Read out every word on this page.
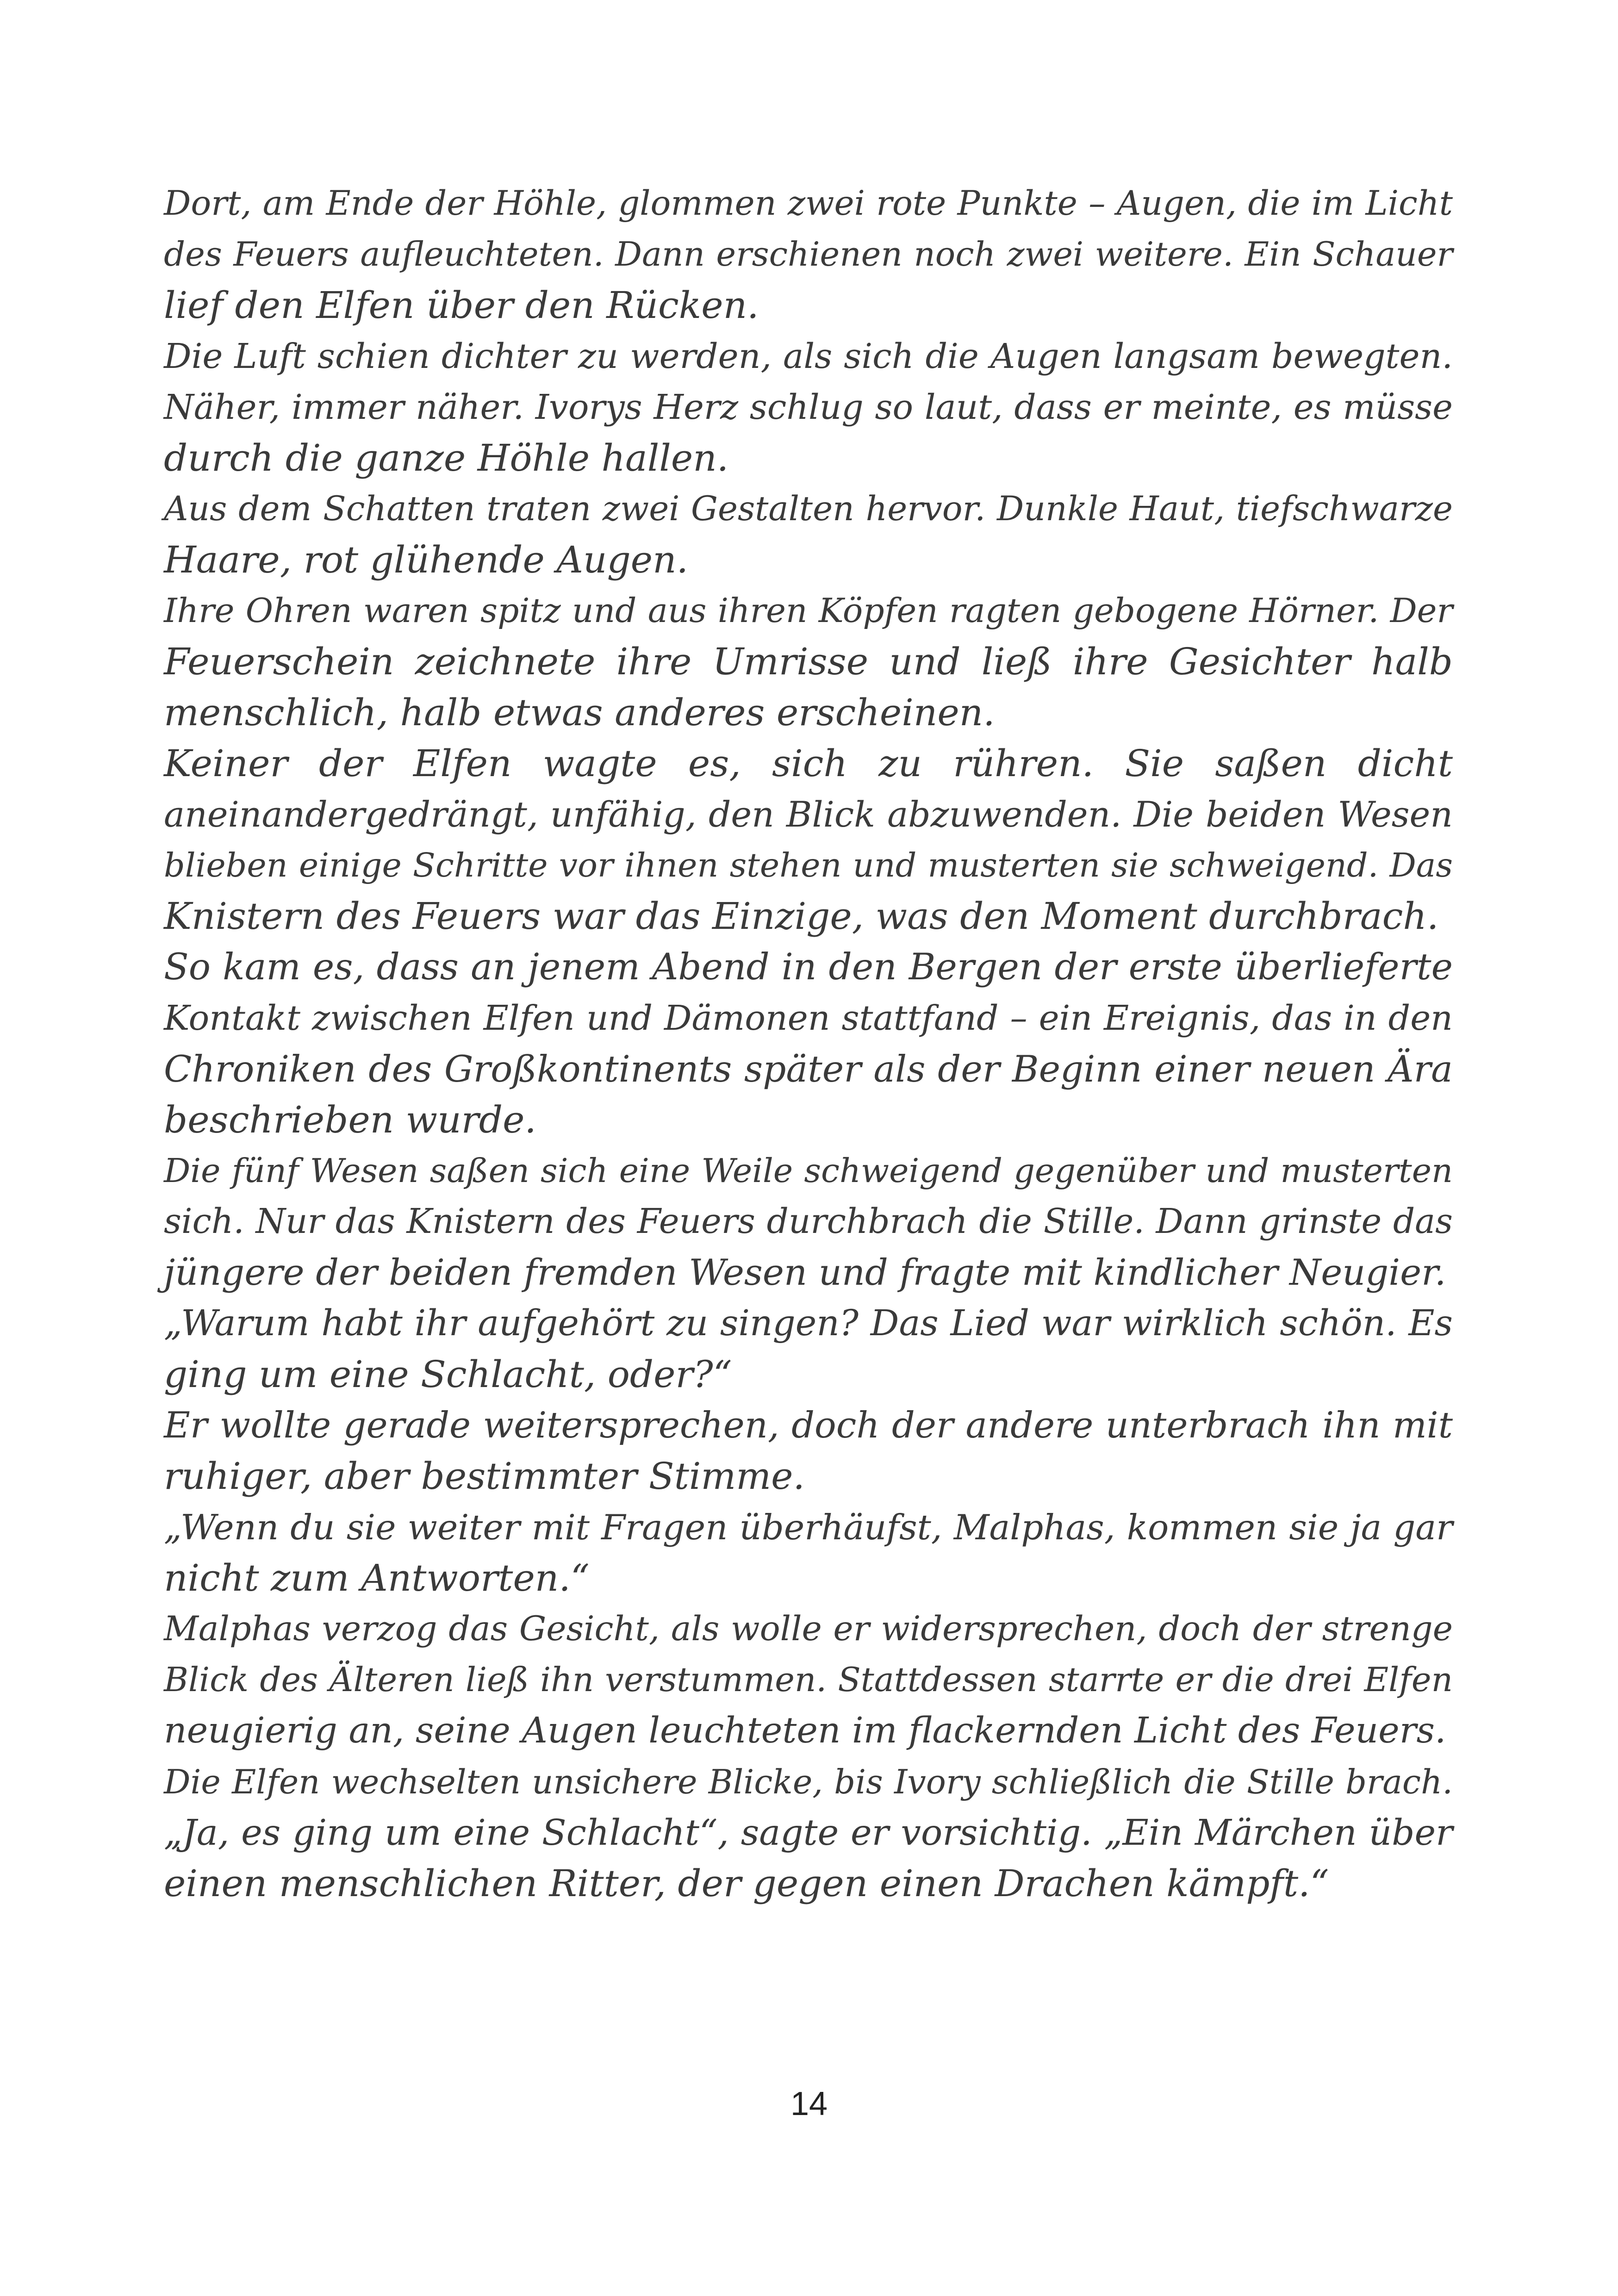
Dort, am Ende der Höhle, glommen zwei rote Punkte – Augen, die im Licht
des Feuers aufleuchteten. Dann erschienen noch zwei weitere. Ein Schauer
lief den Elfen über den Rücken.
Die Luft schien dichter zu werden, als sich die Augen langsam bewegten.
Näher, immer näher. Ivorys Herz schlug so laut, dass er meinte, es müsse
durch die ganze Höhle hallen.
Aus dem Schatten traten zwei Gestalten hervor. Dunkle Haut, tiefschwarze
Haare, rot glühende Augen.
Ihre Ohren waren spitz und aus ihren Köpfen ragten gebogene Hörner. Der
Feuerschein zeichnete ihre Umrisse und ließ ihre Gesichter halb
menschlich, halb etwas anderes erscheinen.
Keiner der Elfen wagte es, sich zu rühren. Sie saßen dicht
aneinandergedrängt, unfähig, den Blick abzuwenden. Die beiden Wesen
blieben einige Schritte vor ihnen stehen und musterten sie schweigend. Das
Knistern des Feuers war das Einzige, was den Moment durchbrach.
So kam es, dass an jenem Abend in den Bergen der erste überlieferte
Kontakt zwischen Elfen und Dämonen stattfand – ein Ereignis, das in den
Chroniken des Großkontinents später als der Beginn einer neuen Ära
beschrieben wurde.
Die fünf Wesen saßen sich eine Weile schweigend gegenüber und musterten
sich. Nur das Knistern des Feuers durchbrach die Stille. Dann grinste das
jüngere der beiden fremden Wesen und fragte mit kindlicher Neugier.
„Warum habt ihr aufgehört zu singen? Das Lied war wirklich schön. Es
ging um eine Schlacht, oder?“
Er wollte gerade weitersprechen, doch der andere unterbrach ihn mit
ruhiger, aber bestimmter Stimme.
„Wenn du sie weiter mit Fragen überhäufst, Malphas, kommen sie ja gar
nicht zum Antworten.“
Malphas verzog das Gesicht, als wolle er widersprechen, doch der strenge
Blick des Älteren ließ ihn verstummen. Stattdessen starrte er die drei Elfen
neugierig an, seine Augen leuchteten im flackernden Licht des Feuers.
Die Elfen wechselten unsichere Blicke, bis Ivory schließlich die Stille brach.
„Ja, es ging um eine Schlacht“, sagte er vorsichtig. „Ein Märchen über
einen menschlichen Ritter, der gegen einen Drachen kämpft.“
14
